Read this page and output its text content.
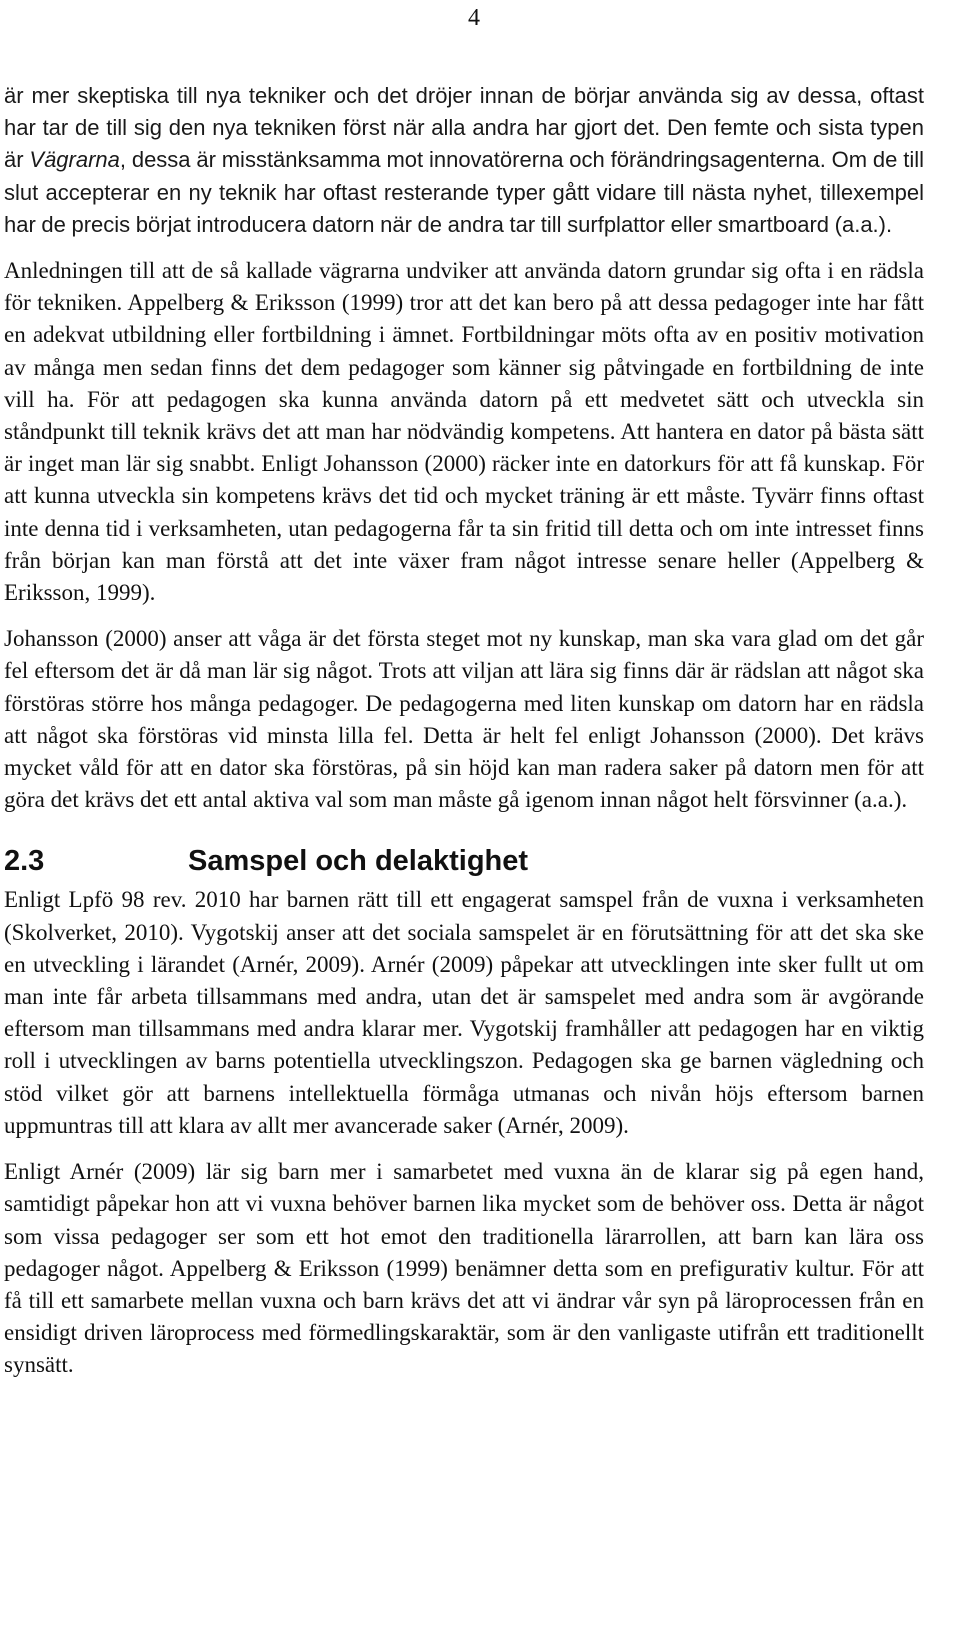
4

är mer skeptiska till nya tekniker och det dröjer innan de börjar använda sig av dessa, oftast har tar de till sig den nya tekniken först när alla andra har gjort det. Den femte och sista typen är Vägrarna, dessa är misstänksamma mot innovatörerna och förändringsagenterna. Om de till slut accepterar en ny teknik har oftast resterande typer gått vidare till nästa nyhet, tillexempel har de precis börjat introducera datorn när de andra tar till surfplattor eller smartboard (a.a.).

Anledningen till att de så kallade vägrarna undviker att använda datorn grundar sig ofta i en rädsla för tekniken. Appelberg & Eriksson (1999) tror att det kan bero på att dessa pedagoger inte har fått en adekvat utbildning eller fortbildning i ämnet. Fortbildningar möts ofta av en positiv motivation av många men sedan finns det dem pedagoger som känner sig påtvingade en fortbildning de inte vill ha. För att pedagogen ska kunna använda datorn på ett medvetet sätt och utveckla sin ståndpunkt till teknik krävs det att man har nödvändig kompetens. Att hantera en dator på bästa sätt är inget man lär sig snabbt. Enligt Johansson (2000) räcker inte en datorkurs för att få kunskap. För att kunna utveckla sin kompetens krävs det tid och mycket träning är ett måste. Tyvärr finns oftast inte denna tid i verksamheten, utan pedagogerna får ta sin fritid till detta och om inte intresset finns från början kan man förstå att det inte växer fram något intresse senare heller (Appelberg & Eriksson, 1999).

Johansson (2000) anser att våga är det första steget mot ny kunskap, man ska vara glad om det går fel eftersom det är då man lär sig något. Trots att viljan att lära sig finns där är rädslan att något ska förstöras större hos många pedagoger. De pedagogerna med liten kunskap om datorn har en rädsla att något ska förstöras vid minsta lilla fel. Detta är helt fel enligt Johansson (2000). Det krävs mycket våld för att en dator ska förstöras, på sin höjd kan man radera saker på datorn men för att göra det krävs det ett antal aktiva val som man måste gå igenom innan något helt försvinner (a.a.).

2.3	Samspel och delaktighet

Enligt Lpfö 98 rev. 2010 har barnen rätt till ett engagerat samspel från de vuxna i verksamheten (Skolverket, 2010). Vygotskij anser att det sociala samspelet är en förutsättning för att det ska ske en utveckling i lärandet (Arnér, 2009). Arnér (2009) påpekar att utvecklingen inte sker fullt ut om man inte får arbeta tillsammans med andra, utan det är samspelet med andra som är avgörande eftersom man tillsammans med andra klarar mer. Vygotskij framhåller att pedagogen har en viktig roll i utvecklingen av barns potentiella utvecklingszon. Pedagogen ska ge barnen vägledning och stöd vilket gör att barnens intellektuella förmåga utmanas och nivån höjs eftersom barnen uppmuntras till att klara av allt mer avancerade saker (Arnér, 2009).

Enligt Arnér (2009) lär sig barn mer i samarbetet med vuxna än de klarar sig på egen hand, samtidigt påpekar hon att vi vuxna behöver barnen lika mycket som de behöver oss. Detta är något som vissa pedagoger ser som ett hot emot den traditionella lärarrollen, att barn kan lära oss pedagoger något. Appelberg & Eriksson (1999) benämner detta som en prefigurativ kultur. För att få till ett samarbete mellan vuxna och barn krävs det att vi ändrar vår syn på läroprocessen från en ensidigt driven läroprocess med förmedlingskaraktär, som är den vanligaste utifrån ett traditionellt synsätt.
